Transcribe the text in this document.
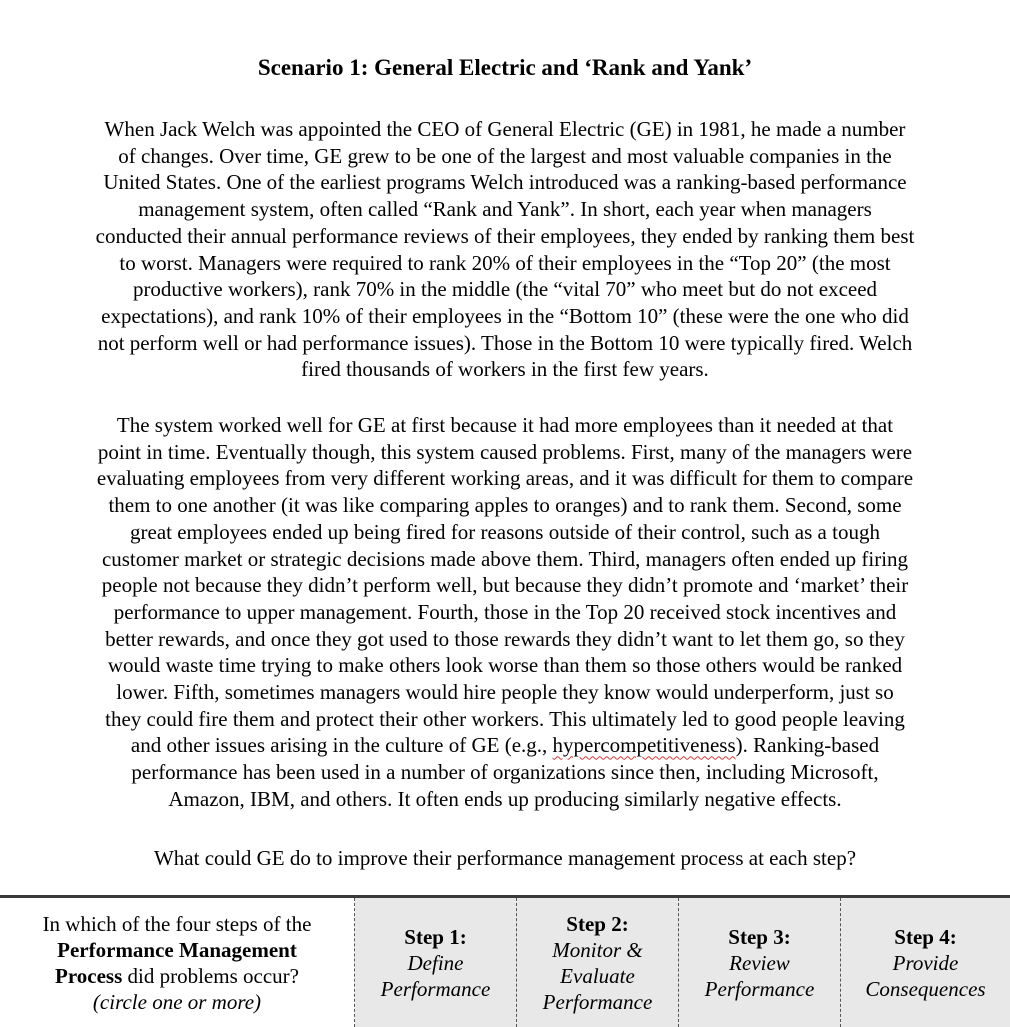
Scenario 1: General Electric and ‘Rank and Yank’
When Jack Welch was appointed the CEO of General Electric (GE) in 1981, he made a number
of changes. Over time, GE grew to be one of the largest and most valuable companies in the
United States. One of the earliest programs Welch introduced was a ranking-based performance
management system, often called “Rank and Yank”. In short, each year when managers
conducted their annual performance reviews of their employees, they ended by ranking them best
to worst. Managers were required to rank 20% of their employees in the “Top 20” (the most
productive workers), rank 70% in the middle (the “vital 70” who meet but do not exceed
expectations), and rank 10% of their employees in the “Bottom 10” (these were the one who did
not perform well or had performance issues). Those in the Bottom 10 were typically fired. Welch
fired thousands of workers in the first few years.
The system worked well for GE at first because it had more employees than it needed at that
point in time. Eventually though, this system caused problems. First, many of the managers were
evaluating employees from very different working areas, and it was difficult for them to compare
them to one another (it was like comparing apples to oranges) and to rank them. Second, some
great employees ended up being fired for reasons outside of their control, such as a tough
customer market or strategic decisions made above them. Third, managers often ended up firing
people not because they didn’t perform well, but because they didn’t promote and ‘market’ their
performance to upper management. Fourth, those in the Top 20 received stock incentives and
better rewards, and once they got used to those rewards they didn’t want to let them go, so they
would waste time trying to make others look worse than them so those others would be ranked
lower. Fifth, sometimes managers would hire people they know would underperform, just so
they could fire them and protect their other workers. This ultimately led to good people leaving
and other issues arising in the culture of GE (e.g., hypercompetitiveness). Ranking-based
performance has been used in a number of organizations since then, including Microsoft,
Amazon, IBM, and others. It often ends up producing similarly negative effects.

What could GE do to improve their performance management process at each step?

In which of the four steps of the
Performance Management
Process did problems occur?
(circle one or more)
Step 1:
Define
Performance
Step 2:
Monitor &
Evaluate
Performance
Step 3:
Review
Performance
Step 4:
Provide
Consequences
